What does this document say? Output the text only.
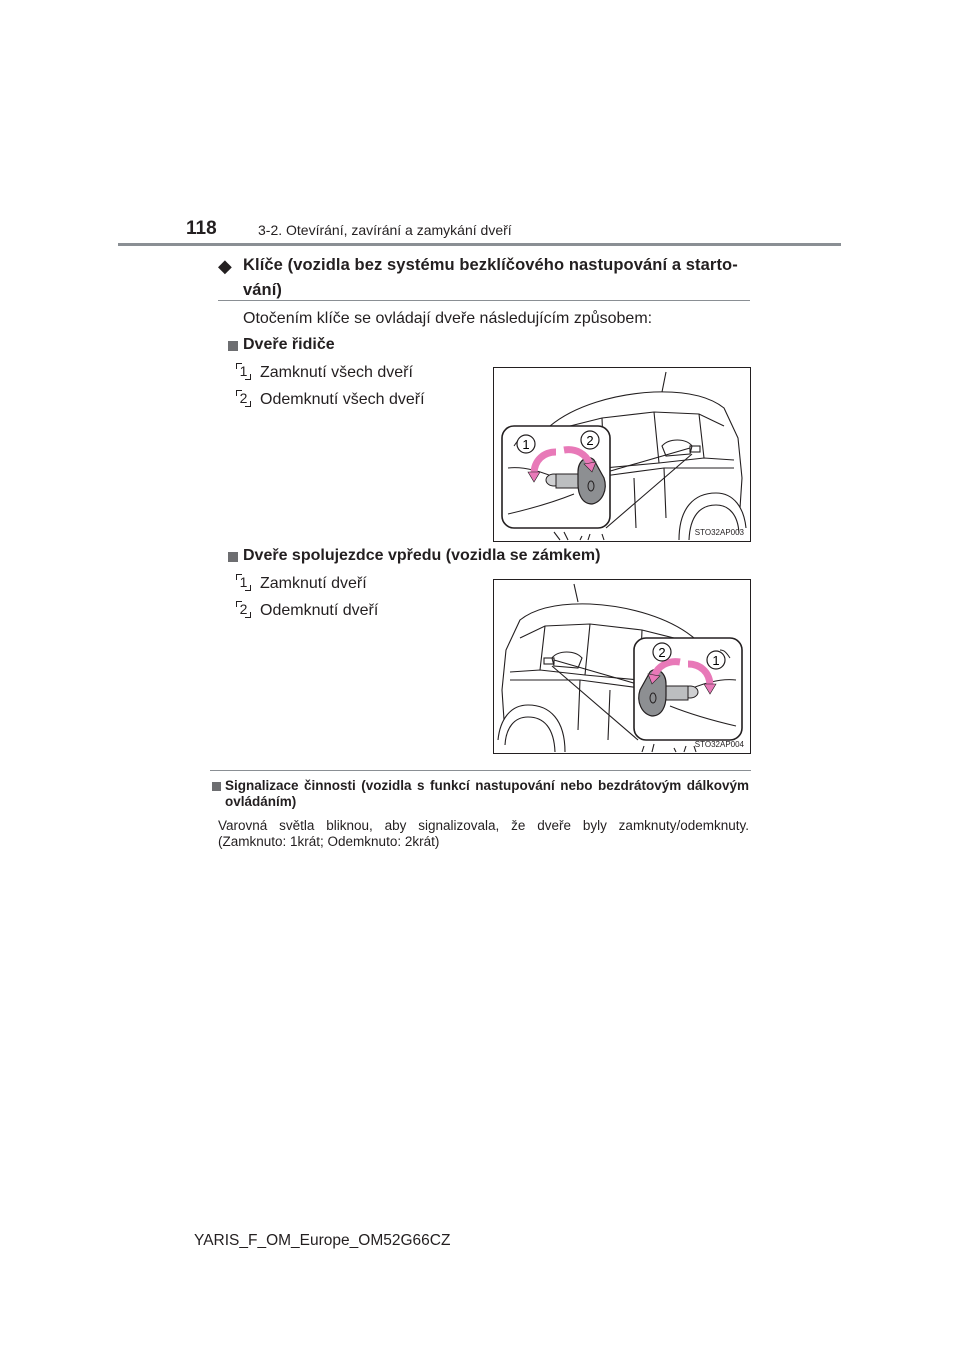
118	3-2. Otevírání, zavírání a zamykání dveří
◆ Klíče (vozidla bez systému bezklíčového nastupování a starto-vání)
Otočením klíče se ovládají dveře následujícím způsobem:
Dveře řidiče
1 Zamknutí všech dveří
2 Odemknutí všech dveří
1	2
STO32AP003
Dveře spolujezdce vpředu (vozidla se zámkem)
1 Zamknutí dveří
2 Odemknutí dveří
2
1
STO32AP004
Signalizace činnosti (vozidla s funkcí nastupování nebo bezdrátovým dálkovým ovládáním)
Varovná světla bliknou, aby signalizovala, že dveře byly zamknuty/odemknuty. (Zamknuto: 1krát; Odemknuto: 2krát)
YARIS_F_OM_Europe_OM52G66CZ
